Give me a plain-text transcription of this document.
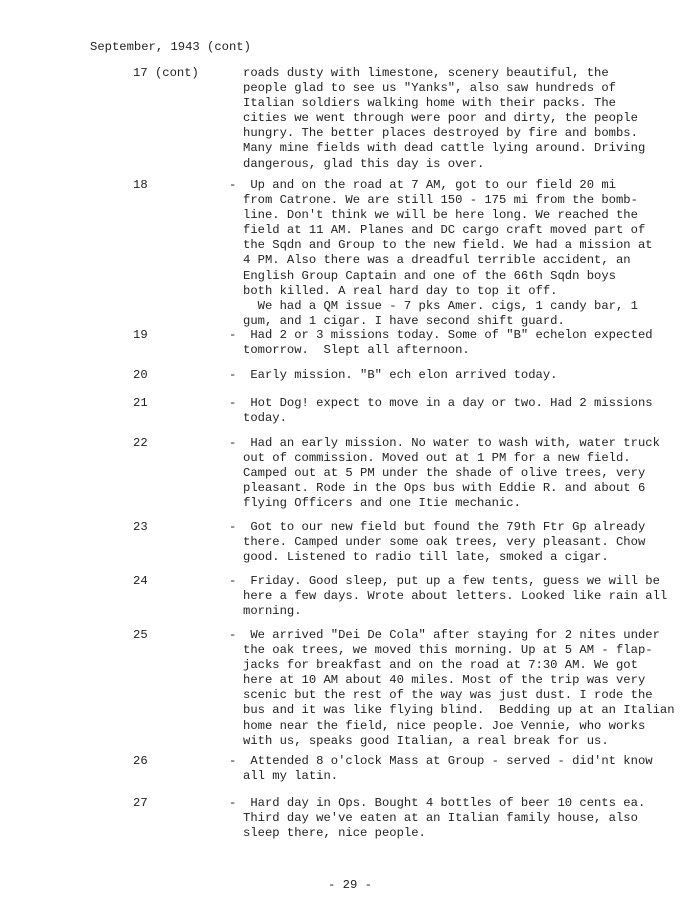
September, 1943 (cont)
17 (cont)	roads dusty with limestone, scenery beautiful, the
people glad to see us "Yanks", also saw hundreds of
Italian soldiers walking home with their packs. The
cities we went through were poor and dirty, the people
hungry. The better places destroyed by fire and bombs.
Many mine fields with dead cattle lying around. Driving
dangerous, glad this day is over.
18	- Up and on the road at 7 AM, got to our field 20 mi
from Catrone. We are still 150 - 175 mi from the bomb-
line. Don't think we will be here long. We reached the
field at 11 AM. Planes and DC cargo craft moved part of
the Sqdn and Group to the new field. We had a mission at
4 PM. Also there was a dreadful terrible accident, an
English Group Captain and one of the 66th Sqdn boys
both killed. A real hard day to top it off.
We had a QM issue - 7 pks Amer. cigs, 1 candy bar, 1
gum, and 1 cigar. I have second shift guard.
19	- Had 2 or 3 missions today. Some of "B" echelon expected
tomorrow.  Slept all afternoon.
20	- Early mission. "B" ech elon arrived today.
21	- Hot Dog! expect to move in a day or two. Had 2 missions
today.
22	- Had an early mission. No water to wash with, water truck
out of commission. Moved out at 1 PM for a new field.
Camped out at 5 PM under the shade of olive trees, very
pleasant. Rode in the Ops bus with Eddie R. and about 6
flying Officers and one Itie mechanic.
23	- Got to our new field but found the 79th Ftr Gp already
there. Camped under some oak trees, very pleasant. Chow
good. Listened to radio till late, smoked a cigar.
24	- Friday. Good sleep, put up a few tents, guess we will be
here a few days. Wrote about letters. Looked like rain all
morning.
25	- We arrived "Dei De Cola" after staying for 2 nites under
the oak trees, we moved this morning. Up at 5 AM - flap-
jacks for breakfast and on the road at 7:30 AM. We got
here at 10 AM about 40 miles. Most of the trip was very
scenic but the rest of the way was just dust. I rode the
bus and it was like flying blind.  Bedding up at an Italian
home near the field, nice people. Joe Vennie, who works
with us, speaks good Italian, a real break for us.
26	- Attended 8 o'clock Mass at Group - served - did'nt know
all my latin.
27	- Hard day in Ops. Bought 4 bottles of beer 10 cents ea.
Third day we've eaten at an Italian family house, also
sleep there, nice people.
- 29 -
